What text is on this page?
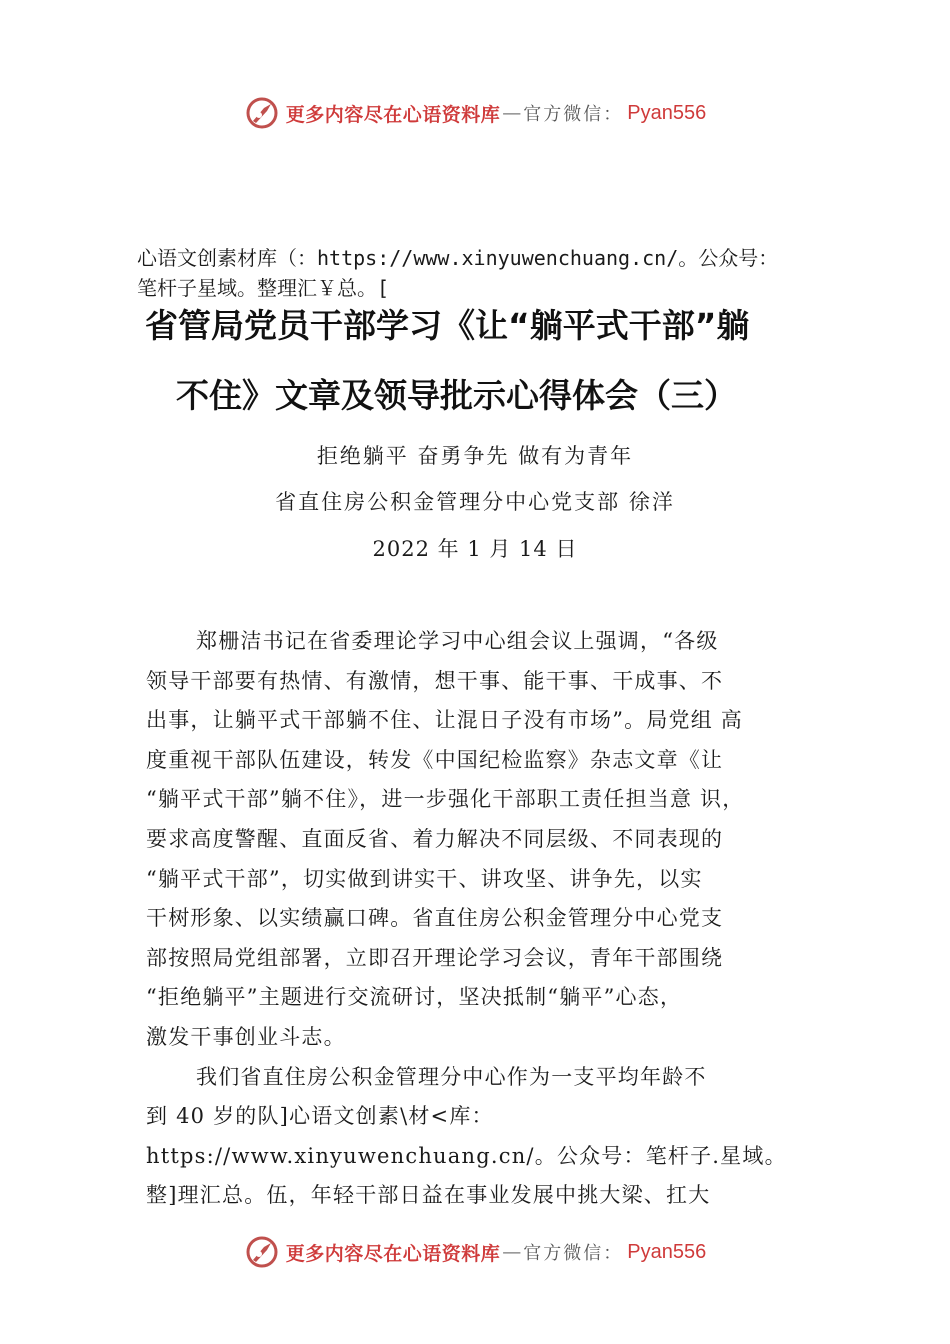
更多内容尽在心语资料库 — 官方微信： Pyan556
心语文创素材库（：https://www.xinyuwenchuang.cn/。公众号：
笔杆子星域。整理汇￥总。[
省管局党员干部学习《让“躺平式干部”躺
不住》文章及领导批示心得体会（三）
拒绝躺平 奋勇争先 做有为青年
省直住房公积金管理分中心党支部 徐洋
2022 年 1 月 14 日
郑栅洁书记在省委理论学习中心组会议上强调，“各级
领导干部要有热情、有激情，想干事、能干事、干成事、不
出事，让躺平式干部躺不住、让混日子没有市场”。局党组 高
度重视干部队伍建设，转发《中国纪检监察》杂志文章《让
“躺平式干部”躺不住》，进一步强化干部职工责任担当意 识，
要求高度警醒、直面反省、着力解决不同层级、不同表现的
“躺平式干部”，切实做到讲实干、讲攻坚、讲争先，以实
干树形象、以实绩赢口碑。省直住房公积金管理分中心党支
部按照局党组部署，立即召开理论学习会议，青年干部围绕
“拒绝躺平”主题进行交流研讨，坚决抵制“躺平”心态，
激发干事创业斗志。
我们省直住房公积金管理分中心作为一支平均年龄不
到 40 岁的队]心语文创素\材<库：
https://www.xinyuwenchuang.cn/。公众号：笔杆子.星域。
整]理汇总。伍，年轻干部日益在事业发展中挑大梁、扛大
更多内容尽在心语资料库 — 官方微信： Pyan556
